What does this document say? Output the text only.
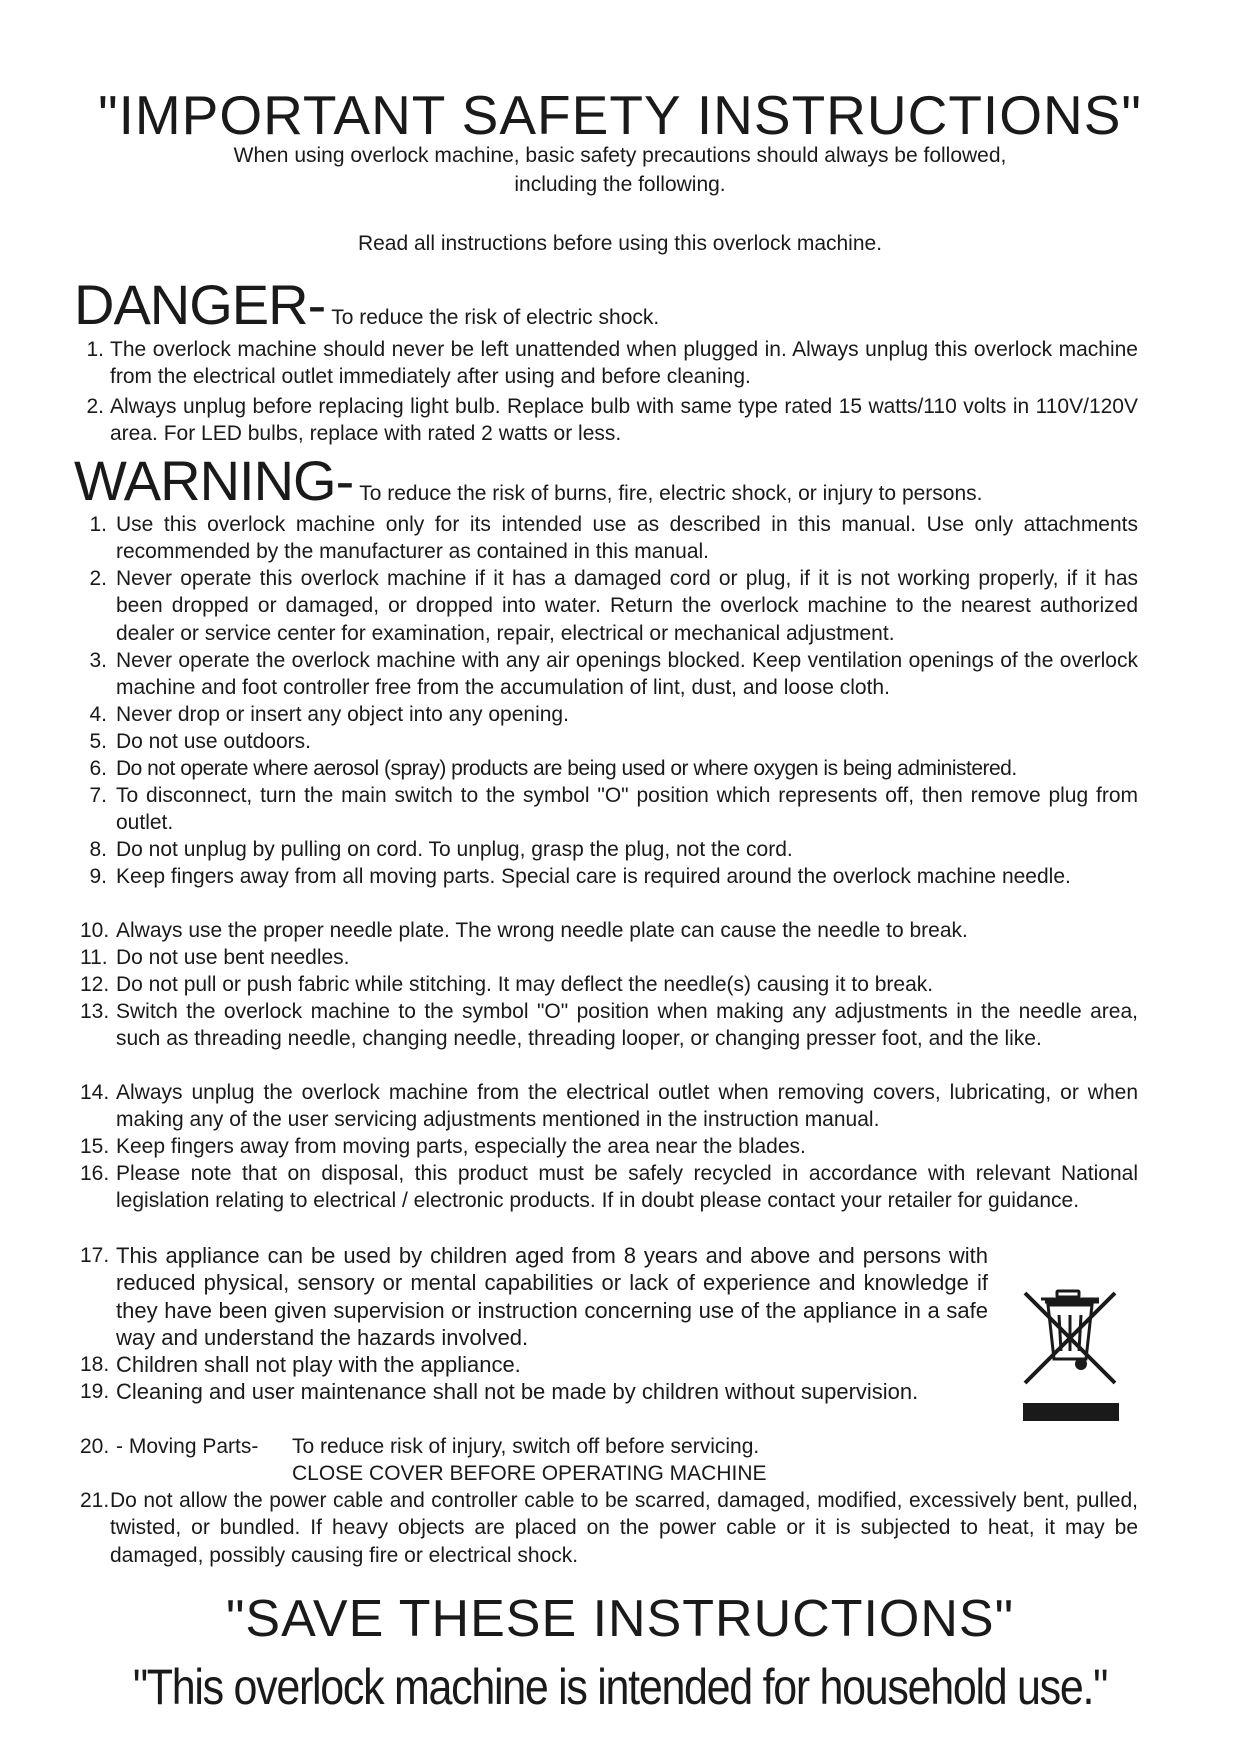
"IMPORTANT SAFETY INSTRUCTIONS"
When using overlock machine, basic safety precautions should always be followed,
including the following.
Read all instructions before using this overlock machine.
DANGER- To reduce the risk of electric shock.
1. The overlock machine should never be left unattended when plugged in. Always unplug this overlock machine from the electrical outlet immediately after using and before cleaning.
2. Always unplug before replacing light bulb. Replace bulb with same type rated 15 watts/110 volts in 110V/120V area. For LED bulbs, replace with rated 2 watts or less.
WARNING- To reduce the risk of burns, fire, electric shock, or injury to persons.
1. Use this overlock machine only for its intended use as described in this manual. Use only attachments recommended by the manufacturer as contained in this manual.
2. Never operate this overlock machine if it has a damaged cord or plug, if it is not working properly, if it has been dropped or damaged, or dropped into water. Return the overlock machine to the nearest authorized dealer or service center for examination, repair, electrical or mechanical adjustment.
3. Never operate the overlock machine with any air openings blocked. Keep ventilation openings of the overlock machine and foot controller free from the accumulation of lint, dust, and loose cloth.
4. Never drop or insert any object into any opening.
5. Do not use outdoors.
6. Do not operate where aerosol (spray) products are being used or where oxygen is being administered.
7. To disconnect, turn the main switch to the symbol "O" position which represents off, then remove plug from outlet.
8. Do not unplug by pulling on cord. To unplug, grasp the plug, not the cord.
9. Keep fingers away from all moving parts. Special care is required around the overlock machine needle.
10. Always use the proper needle plate. The wrong needle plate can cause the needle to break.
11. Do not use bent needles.
12. Do not pull or push fabric while stitching. It may deflect the needle(s) causing it to break.
13. Switch the overlock machine to the symbol "O" position when making any adjustments in the needle area, such as threading needle, changing needle, threading looper, or changing presser foot, and the like.
14. Always unplug the overlock machine from the electrical outlet when removing covers, lubricating, or when making any of the user servicing adjustments mentioned in the instruction manual.
15. Keep fingers away from moving parts, especially the area near the blades.
16. Please note that on disposal, this product must be safely recycled in accordance with relevant National legislation relating to electrical / electronic products. If in doubt please contact your retailer for guidance.
17. This appliance can be used by children aged from 8 years and above and persons with reduced physical, sensory or mental capabilities or lack of experience and knowledge if they have been given supervision or instruction concerning use of the appliance in a safe way and understand the hazards involved.
18. Children shall not play with the appliance.
19. Cleaning and user maintenance shall not be made by children without supervision.
20. - Moving Parts- To reduce risk of injury, switch off before servicing.
CLOSE COVER BEFORE OPERATING MACHINE
21. Do not allow the power cable and controller cable to be scarred, damaged, modified, excessively bent, pulled, twisted, or bundled. If heavy objects are placed on the power cable or it is subjected to heat, it may be damaged, possibly causing fire or electrical shock.
"SAVE THESE INSTRUCTIONS"
"This overlock machine is intended for household use."
